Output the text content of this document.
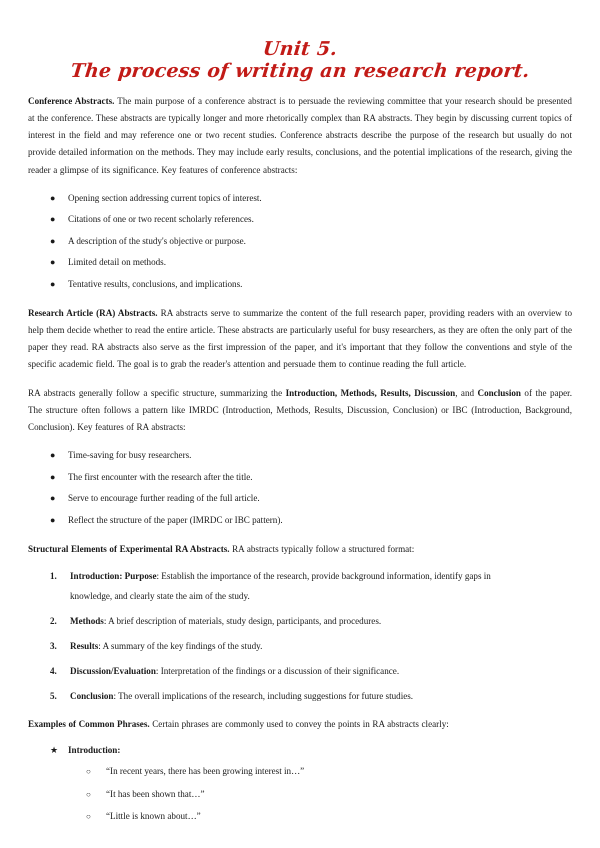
Unit 5.
The process of writing an research report.

Conference Abstracts. The main purpose of a conference abstract is to persuade the reviewing committee that your research should be presented at the conference. These abstracts are typically longer and more rhetorically complex than RA abstracts. They begin by discussing current topics of interest in the field and may reference one or two recent studies. Conference abstracts describe the purpose of the research but usually do not provide detailed information on the methods. They may include early results, conclusions, and the potential implications of the research, giving the reader a glimpse of its significance. Key features of conference abstracts:

● Opening section addressing current topics of interest.
● Citations of one or two recent scholarly references.
● A description of the study's objective or purpose.
● Limited detail on methods.
● Tentative results, conclusions, and implications.

Research Article (RA) Abstracts. RA abstracts serve to summarize the content of the full research paper, providing readers with an overview to help them decide whether to read the entire article. These abstracts are particularly useful for busy researchers, as they are often the only part of the paper they read. RA abstracts also serve as the first impression of the paper, and it's important that they follow the conventions and style of the specific academic field. The goal is to grab the reader's attention and persuade them to continue reading the full article.

RA abstracts generally follow a specific structure, summarizing the Introduction, Methods, Results, Discussion, and Conclusion of the paper. The structure often follows a pattern like IMRDC (Introduction, Methods, Results, Discussion, Conclusion) or IBC (Introduction, Background, Conclusion). Key features of RA abstracts:

● Time-saving for busy researchers.
● The first encounter with the research after the title.
● Serve to encourage further reading of the full article.
● Reflect the structure of the paper (IMRDC or IBC pattern).

Structural Elements of Experimental RA Abstracts. RA abstracts typically follow a structured format:

1. Introduction: Purpose: Establish the importance of the research, provide background information, identify gaps in
knowledge, and clearly state the aim of the study.
2. Methods: A brief description of materials, study design, participants, and procedures.
3. Results: A summary of the key findings of the study.
4. Discussion/Evaluation: Interpretation of the findings or a discussion of their significance.
5. Conclusion: The overall implications of the research, including suggestions for future studies.

Examples of Common Phrases. Certain phrases are commonly used to convey the points in RA abstracts clearly:

★ Introduction:
○ “In recent years, there has been growing interest in…”
○ “It has been shown that…”
○ “Little is known about…”
